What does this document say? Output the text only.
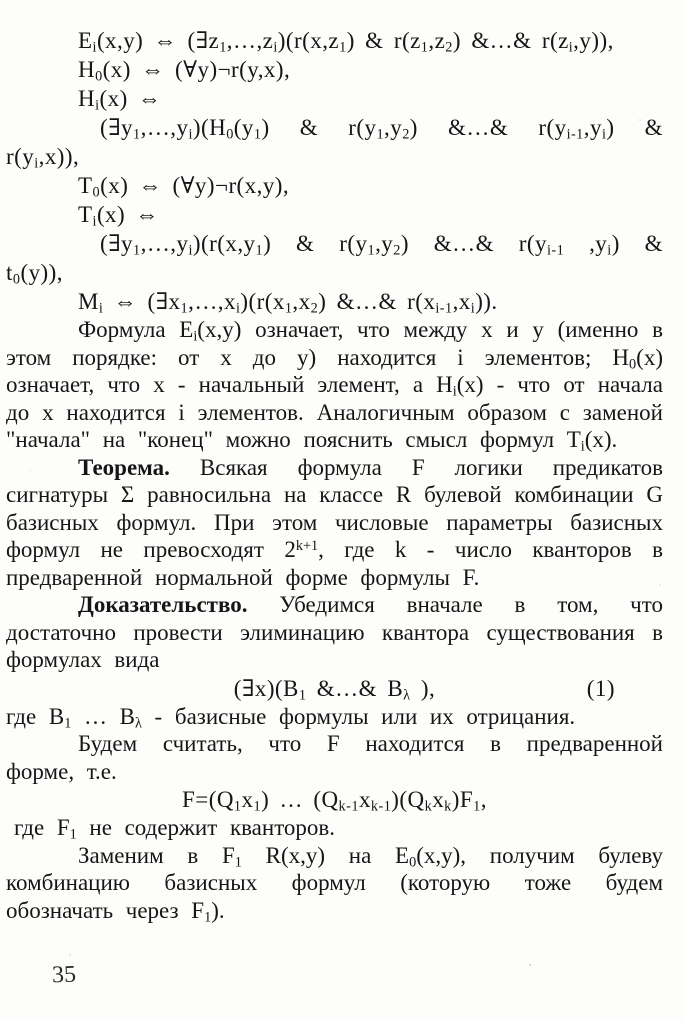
$E_i(x,y)$ ⇔ $(\exists z_1,\dots,z_i)(r(x,z_1)$ & $r(z_1,z_2)$ &…& $r(z_i,y)$),
$H_0(x)$ ⇔ (∀y)¬r(y,x),
$H_i(x)$ ⇔
$(\exists y_1,\dots,y_i)(H_0(y_1)$ & $r(y_1,y_2)$ &…& $r(y_{i-1},y_i)$ &
$r(y_i,x)$),
$T_0(x)$ ⇔ (∀y)¬r(x,y),
$T_i(x)$ ⇔
$(\exists y_1,\dots,y_i)(r(x,y_1)$ & $r(y_1,y_2)$ &…& $r(y_{i-1}$ $,y_i$) &
$t_0(y)$),
$M_i$ ⇔ $(\exists x_1,\dots,x_i)(r(x_1,x_2)$ &…& $r(x_{i-1},x_i)$).

Формула $E_i(x,y)$ означает, что между x и y (именно в этом порядке: от x до y) находится i элементов; $H_0(x)$ означает, что x - начальный элемент, а $H_i(x)$ - что от начала до x находится i элементов. Аналогичным образом с заменой "начала" на "конец" можно пояснить смысл формул $T_i(x)$.

Теорема. Всякая формула F логики предикатов сигнатуры Σ равносильна на классе R булевой комбинации G базисных формул. При этом числовые параметры базисных формул не превосходят $2^{k+1}$, где k - число кванторов в предваренной нормальной форме формулы F.

Доказательство. Убедимся вначале в том, что достаточно провести элиминацию квантора существования в формулах вида

$(\exists x)(B_1$ &…& $B_\lambda$ ),	(1)

где $B_1$ … $B_\lambda$ - базисные формулы или их отрицания.

Будем считать, что F находится в предваренной форме, т.е.

$F=(Q_1x_1)$ … $(Q_{k-1}x_{k-1})(Q_kx_k)F_1$,

где $F_1$ не содержит кванторов.

Заменим в $F_1$ R(x,y) на $E_0(x,y)$, получим булеву комбинацию базисных формул (которую тоже будем обозначать через $F_1$).

35
